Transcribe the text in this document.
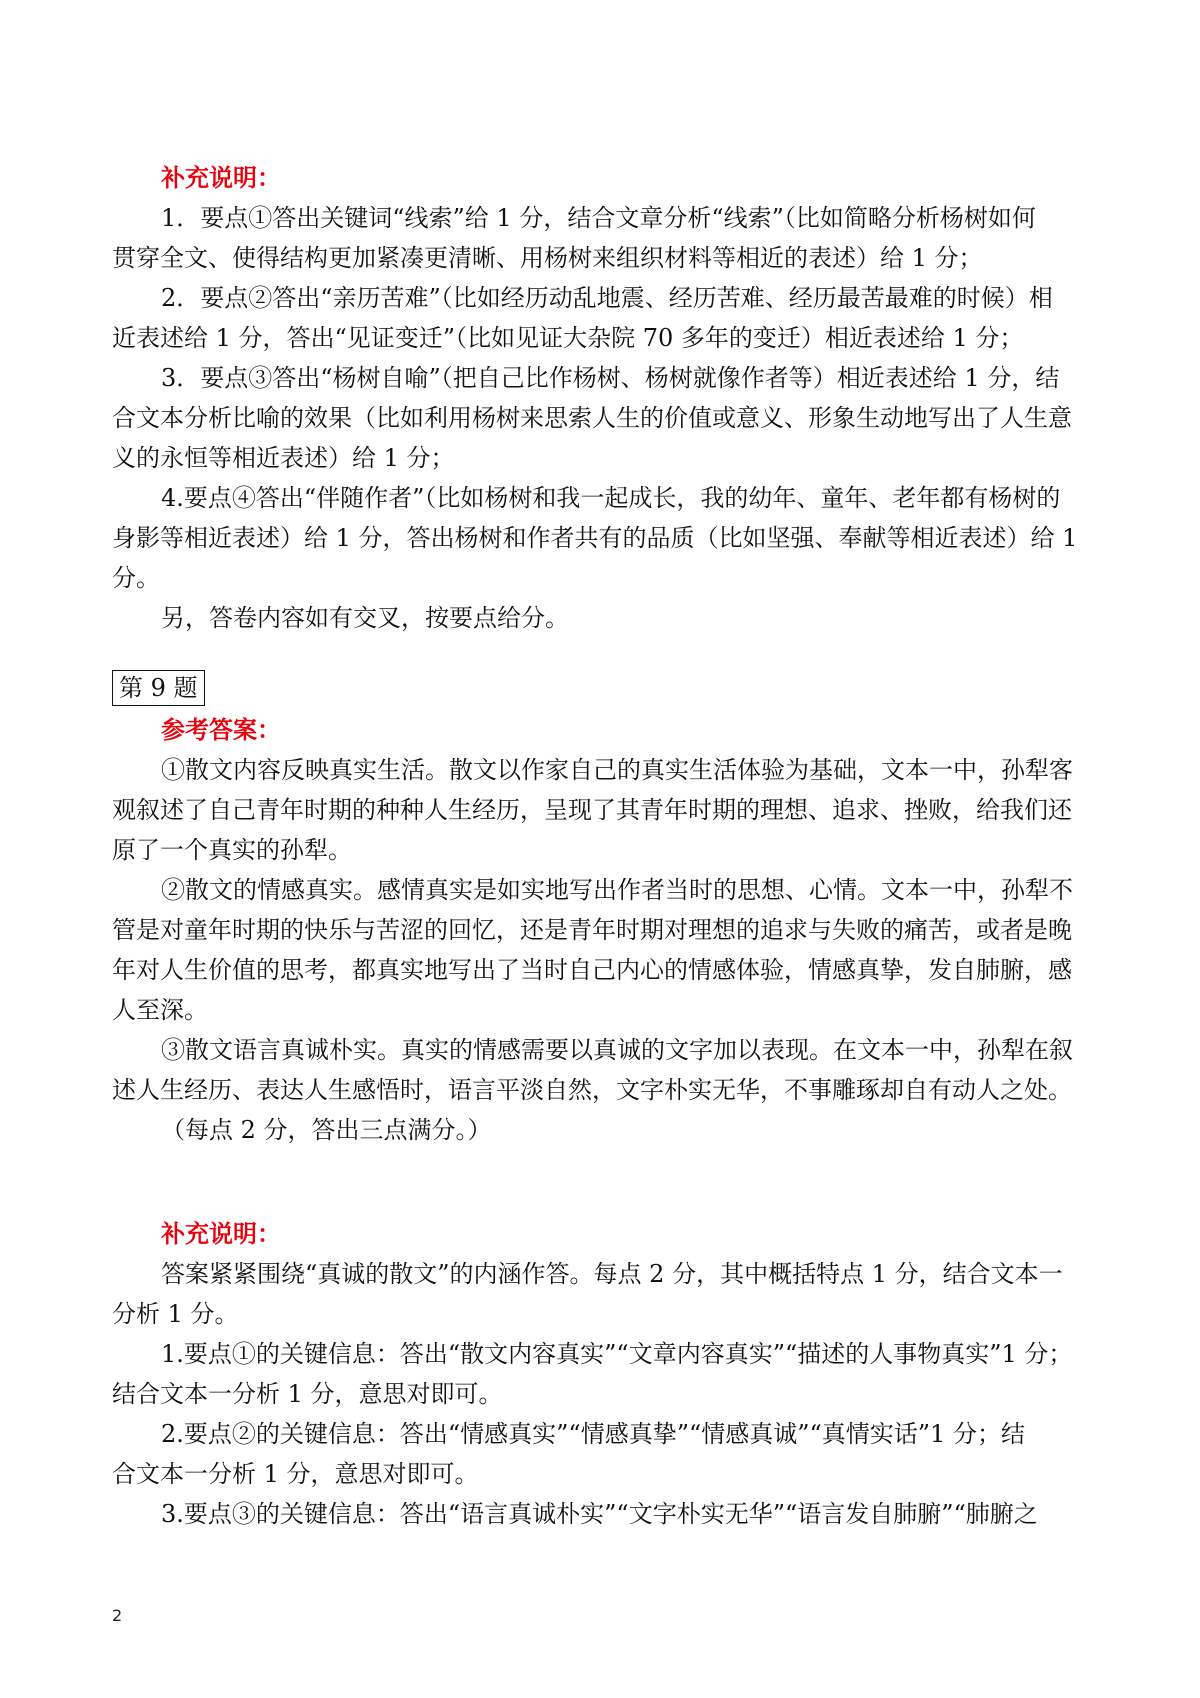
补充说明：
1．要点①答出关键词“线索”给 1 分，结合文章分析“线索”（比如简略分析杨树如何
贯穿全文、使得结构更加紧凑更清晰、用杨树来组织材料等相近的表述）给 1 分；
2．要点②答出“亲历苦难”（比如经历动乱地震、经历苦难、经历最苦最难的时候）相
近表述给 1 分，答出“见证变迁”（比如见证大杂院 70 多年的变迁）相近表述给 1 分；
3．要点③答出“杨树自喻”（把自己比作杨树、杨树就像作者等）相近表述给 1 分，结
合文本分析比喻的效果（比如利用杨树来思索人生的价值或意义、形象生动地写出了人生意
义的永恒等相近表述）给 1 分；
4.要点④答出“伴随作者”（比如杨树和我一起成长，我的幼年、童年、老年都有杨树的
身影等相近表述）给 1 分，答出杨树和作者共有的品质（比如坚强、奉献等相近表述）给 1
分。
另，答卷内容如有交叉，按要点给分。
第 9 题
参考答案：
①散文内容反映真实生活。散文以作家自己的真实生活体验为基础，文本一中，孙犁客
观叙述了自己青年时期的种种人生经历，呈现了其青年时期的理想、追求、挫败，给我们还
原了一个真实的孙犁。
②散文的情感真实。感情真实是如实地写出作者当时的思想、心情。文本一中，孙犁不
管是对童年时期的快乐与苦涩的回忆，还是青年时期对理想的追求与失败的痛苦，或者是晚
年对人生价值的思考，都真实地写出了当时自己内心的情感体验，情感真挚，发自肺腑，感
人至深。
③散文语言真诚朴实。真实的情感需要以真诚的文字加以表现。在文本一中，孙犁在叙
述人生经历、表达人生感悟时，语言平淡自然，文字朴实无华，不事雕琢却自有动人之处。
（每点 2 分，答出三点满分。）
补充说明：
答案紧紧围绕“真诚的散文”的内涵作答。每点 2 分，其中概括特点 1 分，结合文本一
分析 1 分。
1.要点①的关键信息：答出“散文内容真实”“文章内容真实”“描述的人事物真实”1 分；
结合文本一分析 1 分，意思对即可。
2.要点②的关键信息：答出“情感真实”“情感真挚”“情感真诚”“真情实话”1 分；结
合文本一分析 1 分，意思对即可。
3.要点③的关键信息：答出“语言真诚朴实”“文字朴实无华”“语言发自肺腑”“肺腑之
2
